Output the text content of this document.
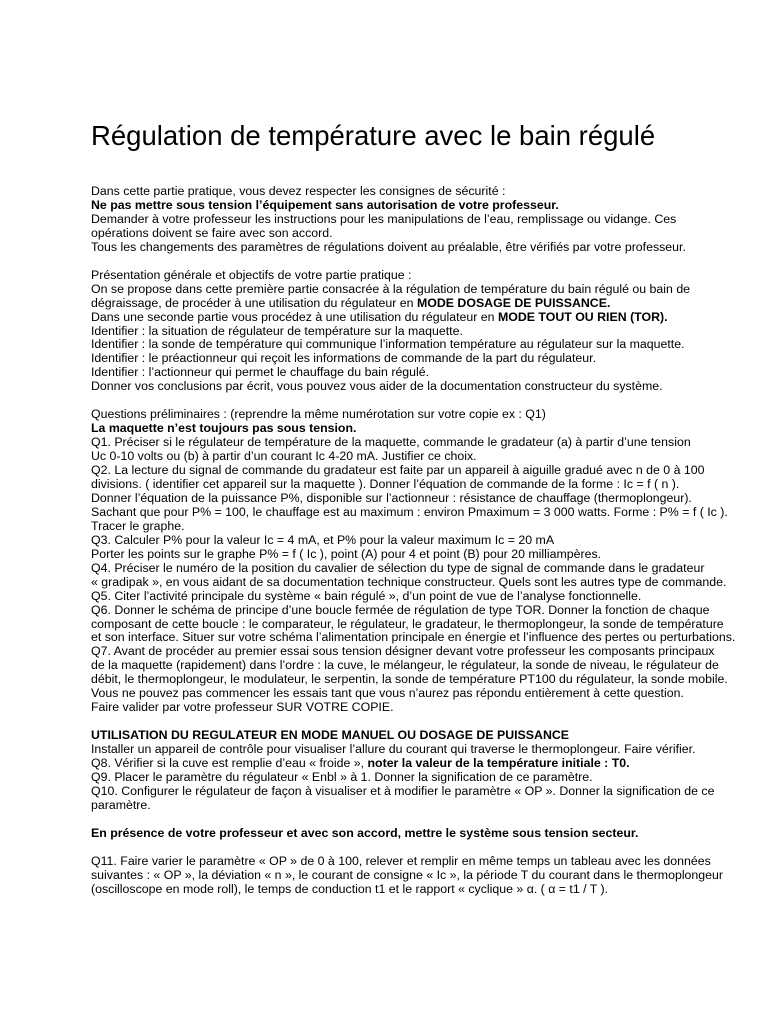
Régulation de température avec le bain régulé

Dans cette partie pratique, vous devez respecter les consignes de sécurité :

Ne pas mettre sous tension l’équipement sans autorisation de votre professeur.

Demander à votre professeur les instructions pour les manipulations de l’eau, remplissage ou vidange. Ces

opérations doivent se faire avec son accord.

Tous les changements des paramètres de régulations doivent au préalable, être vérifiés par votre professeur.

Présentation générale et objectifs de votre partie pratique :

On se propose dans cette première partie consacrée à la régulation de température du bain régulé ou bain de

dégraissage, de procéder à une utilisation du régulateur en MODE DOSAGE DE PUISSANCE.

Dans une seconde partie vous procédez à une utilisation du régulateur en MODE TOUT OU RIEN (TOR).

Identifier : la situation de régulateur de température sur la maquette.

Identifier : la sonde de température qui communique l’information température au régulateur sur la maquette.

Identifier : le préactionneur qui reçoit les informations de commande de la part du régulateur.

Identifier : l’actionneur qui permet le chauffage du bain régulé.

Donner vos conclusions par écrit, vous pouvez vous aider de la documentation constructeur du système.

Questions préliminaires : (reprendre la même numérotation sur votre copie ex : Q1)

La maquette n’est toujours pas sous tension.

Q1. Préciser si le régulateur de température de la maquette, commande le gradateur (a) à partir d’une tension

Uc 0-10 volts ou (b) à partir d’un courant Ic 4-20 mA. Justifier ce choix.

Q2. La lecture du signal de commande du gradateur est faite par un appareil à aiguille gradué avec n de 0 à 100

divisions. ( identifier cet appareil sur la maquette ). Donner l’équation de commande de la forme : Ic = f ( n ).

Donner l’équation de la puissance P%, disponible sur l’actionneur : résistance de chauffage (thermoplongeur).

Sachant que pour P% = 100, le chauffage est au maximum : environ Pmaximum = 3 000 watts. Forme : P% = f ( Ic ).

Tracer le graphe.

Q3. Calculer P% pour la valeur Ic = 4 mA, et P% pour la valeur maximum Ic = 20 mA

Porter les points sur le graphe P% = f ( Ic ), point (A) pour 4 et point (B) pour 20 milliampères.

Q4. Préciser le numéro de la position du cavalier de sélection du type de signal de commande dans le gradateur

« gradipak », en vous aidant de sa documentation technique constructeur. Quels sont les autres type de commande.

Q5. Citer l’activité principale du système « bain régulé », d’un point de vue de l’analyse fonctionnelle.

Q6. Donner le schéma de principe d’une boucle fermée de régulation de type TOR. Donner la fonction de chaque

composant de cette boucle : le comparateur, le régulateur, le gradateur, le thermoplongeur, la sonde de température

et son interface. Situer sur votre schéma l’alimentation principale en énergie et l’influence des pertes ou perturbations.

Q7. Avant de procéder au premier essai sous tension désigner devant votre professeur les composants principaux

de la maquette (rapidement) dans l’ordre : la cuve, le mélangeur, le régulateur, la sonde de niveau, le régulateur de

débit, le thermoplongeur, le modulateur, le serpentin, la sonde de température PT100 du régulateur, la sonde mobile.

Vous ne pouvez pas commencer les essais tant que vous n’aurez pas répondu entièrement à cette question.

Faire valider par votre professeur SUR VOTRE COPIE.

UTILISATION DU REGULATEUR EN MODE MANUEL OU DOSAGE DE PUISSANCE

Installer un appareil de contrôle pour visualiser l’allure du courant qui traverse le thermoplongeur. Faire vérifier.

Q8. Vérifier si la cuve est remplie d’eau « froide », noter la valeur de la température initiale : T0.

Q9. Placer le paramètre du régulateur « Enbl » à 1. Donner la signification de ce paramètre.

Q10. Configurer le régulateur de façon à visualiser et à modifier le paramètre « OP ». Donner la signification de ce

paramètre.

En présence de votre professeur et avec son accord, mettre le système sous tension secteur.

Q11. Faire varier le paramètre « OP » de 0 à 100, relever et remplir en même temps un tableau avec les données

suivantes : « OP », la déviation « n », le courant de consigne « Ic », la période T du courant dans le thermoplongeur

(oscilloscope en mode roll), le temps de conduction t1 et le rapport « cyclique » α. ( α = t1 / T ).
